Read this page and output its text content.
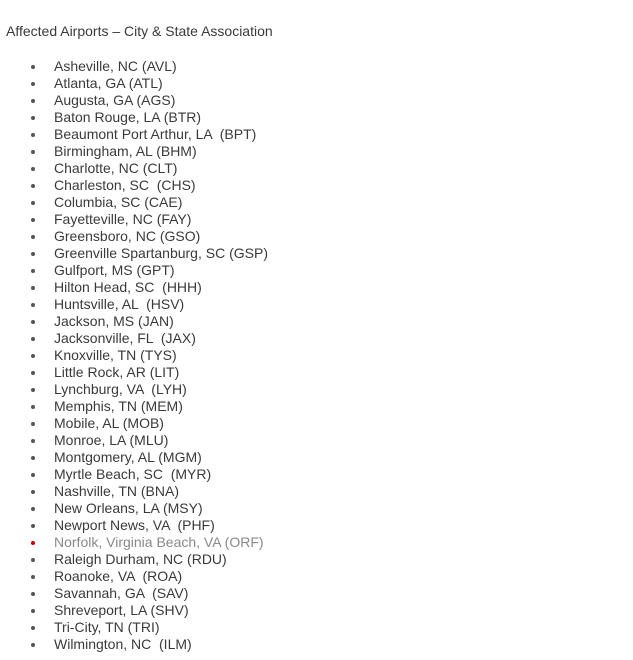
Affected Airports – City & State Association
Asheville, NC (AVL)
Atlanta, GA (ATL)
Augusta, GA (AGS)
Baton Rouge, LA (BTR)
Beaumont Port Arthur, LA  (BPT)
Birmingham, AL (BHM)
Charlotte, NC (CLT)
Charleston, SC  (CHS)
Columbia, SC (CAE)
Fayetteville, NC (FAY)
Greensboro, NC (GSO)
Greenville Spartanburg, SC (GSP)
Gulfport, MS (GPT)
Hilton Head, SC  (HHH)
Huntsville, AL  (HSV)
Jackson, MS (JAN)
Jacksonville, FL  (JAX)
Knoxville, TN (TYS)
Little Rock, AR (LIT)
Lynchburg, VA  (LYH)
Memphis, TN (MEM)
Mobile, AL (MOB)
Monroe, LA (MLU)
Montgomery, AL (MGM)
Myrtle Beach, SC  (MYR)
Nashville, TN (BNA)
New Orleans, LA (MSY)
Newport News, VA  (PHF)
Norfolk, Virginia Beach, VA (ORF)
Raleigh Durham, NC (RDU)
Roanoke, VA  (ROA)
Savannah, GA  (SAV)
Shreveport, LA (SHV)
Tri-City, TN (TRI)
Wilmington, NC  (ILM)
